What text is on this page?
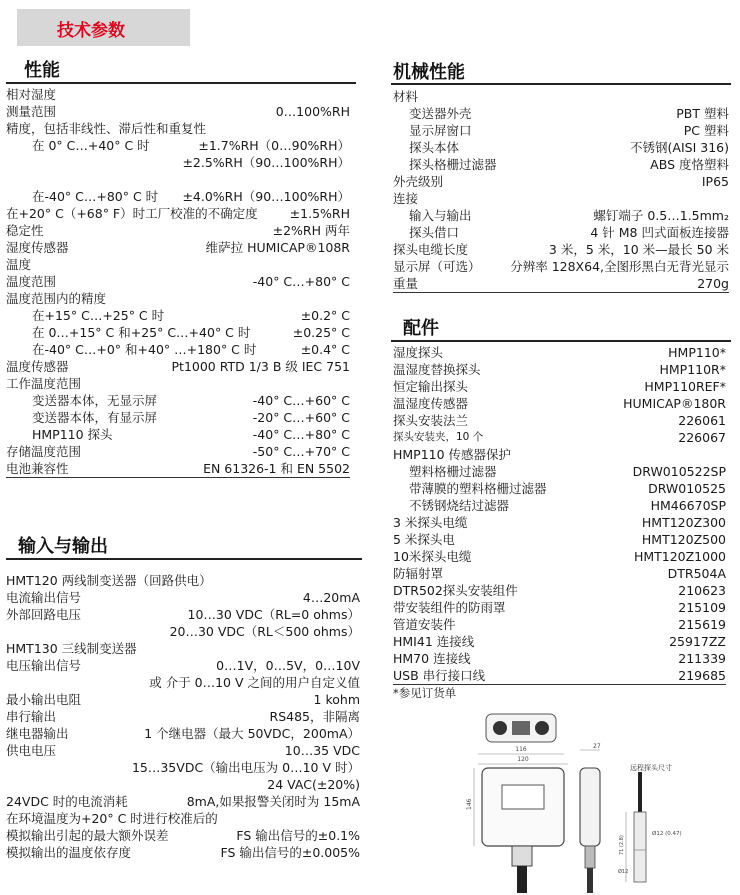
技术参数
性能
相对湿度
测量范围	0…100%RH
精度，包括非线性、滞后性和重复性
在 0° C…+40° C 时	±1.7%RH（0…90%RH）
±2.5%RH（90…100%RH）
在-40° C…+80° C 时 ±4.0%RH（90…100%RH）
在+20° C（+68° F）时工厂校准的不确定度	±1.5%RH
稳定性	±2%RH 两年
湿度传感器	维萨拉 HUMICAP®108R
温度
温度范围	-40° C…+80° C
温度范围内的精度
在+15° C…+25° C 时	±0.2° C
在 0…+15° C 和+25° C…+40° C 时	±0.25° C
在-40° C…+0° 和+40° …+180° C 时	±0.4° C
温度传感器	Pt1000 RTD 1/3 B 级 IEC 751
工作温度范围
变送器本体，无显示屏	-40° C…+60° C
变送器本体，有显示屏	-20° C…+60° C
HMP110 探头	-40° C…+80° C
存储温度范围	-50° C…+70° C
电池兼容性	EN 61326-1 和 EN 5502
输入与输出
HMT120 两线制变送器（回路供电）
电流输出信号	4…20mA
外部回路电压	10…30 VDC（RL=0 ohms）
20…30 VDC（RL＜500 ohms）
HMT130 三线制变送器
电压输出信号	0…1V，0…5V，0…10V
或 介于 0…10 V 之间的用户自定义值
最小输出电阻	1 kohm
串行输出	RS485，非隔离
继电器输出	1 个继电器（最大 50VDC，200mA）
供电电压	10…35 VDC
15…35VDC（输出电压为 0…10 V 时）
24 VAC(±20%)
24VDC 时的电流消耗	8mA,如果报警关闭时为 15mA
在环境温度为+20° C 时进行校准后的
模拟输出引起的最大额外误差	FS 输出信号的±0.1%
模拟输出的温度依存度	FS 输出信号的±0.005%
机械性能
材料
变送器外壳	PBT 塑料
显示屏窗口	PC 塑料
探头本体	不锈钢(AISI 316)
探头格栅过滤器	ABS 度恪塑料
外壳级别	IP65
连接
输入与输出	螺钉端子 0.5…1.5mm₂
探头借口	4 针 M8 凹式面板连接器
探头电缆长度	3 米，5 米，10 米—最长 50 米
显示屏（可选） 分辨率 128X64,全图形黑白无背光显示
重量	270g
配件
湿度探头	HMP110*
温湿度替换探头	HMP110R*
恒定输出探头	HMP110REF*
温湿度传感器	HUMICAP®180R
探头安装法兰	226061
探头安装夹，10 个	226067
HMP110 传感器保护
塑料格栅过滤器	DRW010522SP
带薄膜的塑料格栅过滤器	DRW010525
不锈钢烧结过滤器	HM46670SP
3 米探头电缆	HMT120Z300
5 米探头电	HMT120Z500
10米探头电缆	HMT120Z1000
防辐射罩	DTR504A
DTR502探头安装组件	210623
带安装组件的防雨罩	215109
管道安装件	215619
HMI41 连接线	25917ZZ
HM70 连接线	211339
USB 串行接口线	219685
*参见订货单
116
120
146
27
远程探头尺寸
71 (2.8)
Ø12 (0.47)
Ø12
